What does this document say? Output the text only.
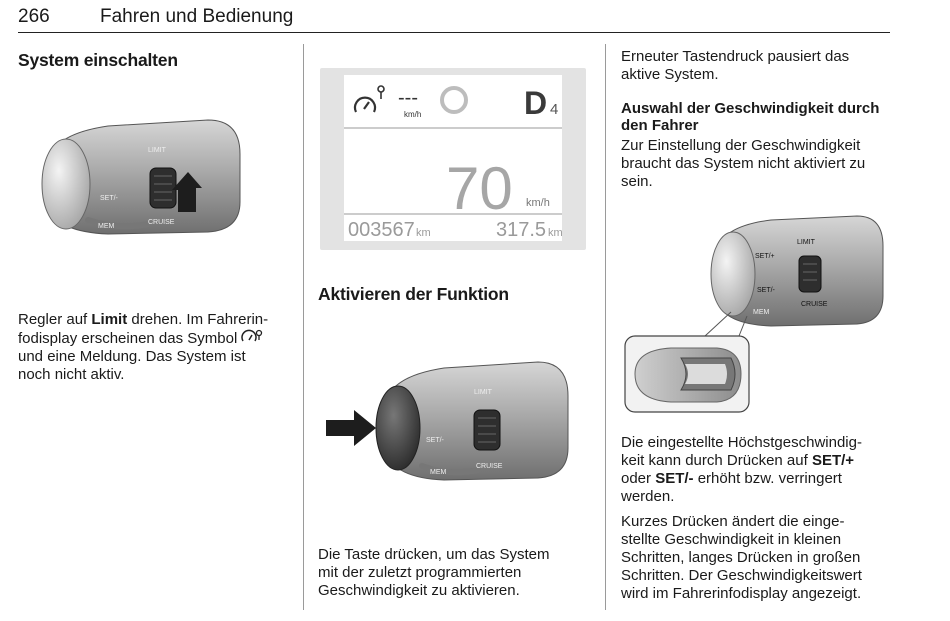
266	Fahren und Bedienung
System einschalten
LIMIT
SET/-
CRUISE
MEM

Regler auf Limit drehen. Im Fahrerin-

fodisplay erscheinen das Symbol

und eine Meldung. Das System ist

noch nicht aktiv.

---
km/h	D 4
70 km/h
003567 km	317.5 km
Aktivieren der Funktion
LIMIT
SET/-
CRUISE
MEM

Die Taste drücken, um das System

mit der zuletzt programmierten

Geschwindigkeit zu aktivieren.

Erneuter Tastendruck pausiert das

aktive System.

Auswahl der Geschwindigkeit durch
den Fahrer

Zur Einstellung der Geschwindigkeit

braucht das System nicht aktiviert zu

sein.

LIMIT
SET/+
SET/-
CRUISE
MEM

Die eingestellte Höchstgeschwindig-

keit kann durch Drücken auf SET/+

oder SET/- erhöht bzw. verringert

werden.

Kurzes Drücken ändert die einge-

stellte Geschwindigkeit in kleinen

Schritten, langes Drücken in großen

Schritten. Der Geschwindigkeitswert

wird im Fahrerinfodisplay angezeigt.
